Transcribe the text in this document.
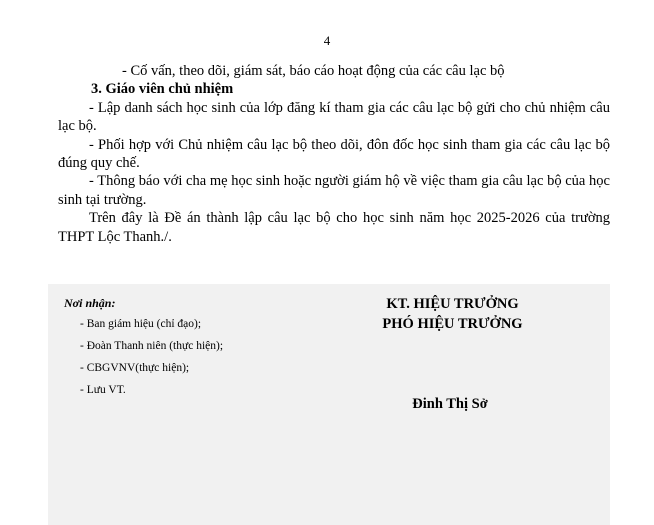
4

- Cố vấn, theo dõi, giám sát, báo cáo hoạt động của các câu lạc bộ

3. Giáo viên chủ nhiệm

- Lập danh sách học sinh của lớp đăng kí tham gia các câu lạc bộ gửi cho chủ nhiệm câu lạc bộ.

- Phối hợp với Chủ nhiệm câu lạc bộ theo dõi, đôn đốc học sinh tham gia các câu lạc bộ đúng quy chế.

- Thông báo với cha mẹ học sinh hoặc người giám hộ về việc tham gia câu lạc bộ của học sinh tại trường.

Trên đây là Đề án thành lập câu lạc bộ cho học sinh năm học 2025-2026 của trường THPT Lộc Thanh./.

Nơi nhận:
- Ban giám hiệu (chỉ đạo);
- Đoàn Thanh niên (thực hiện);
- CBGVNV(thực hiện);
- Lưu VT.
KT. HIỆU TRƯỞNG
PHÓ HIỆU TRƯỞNG
Đinh Thị Sở
